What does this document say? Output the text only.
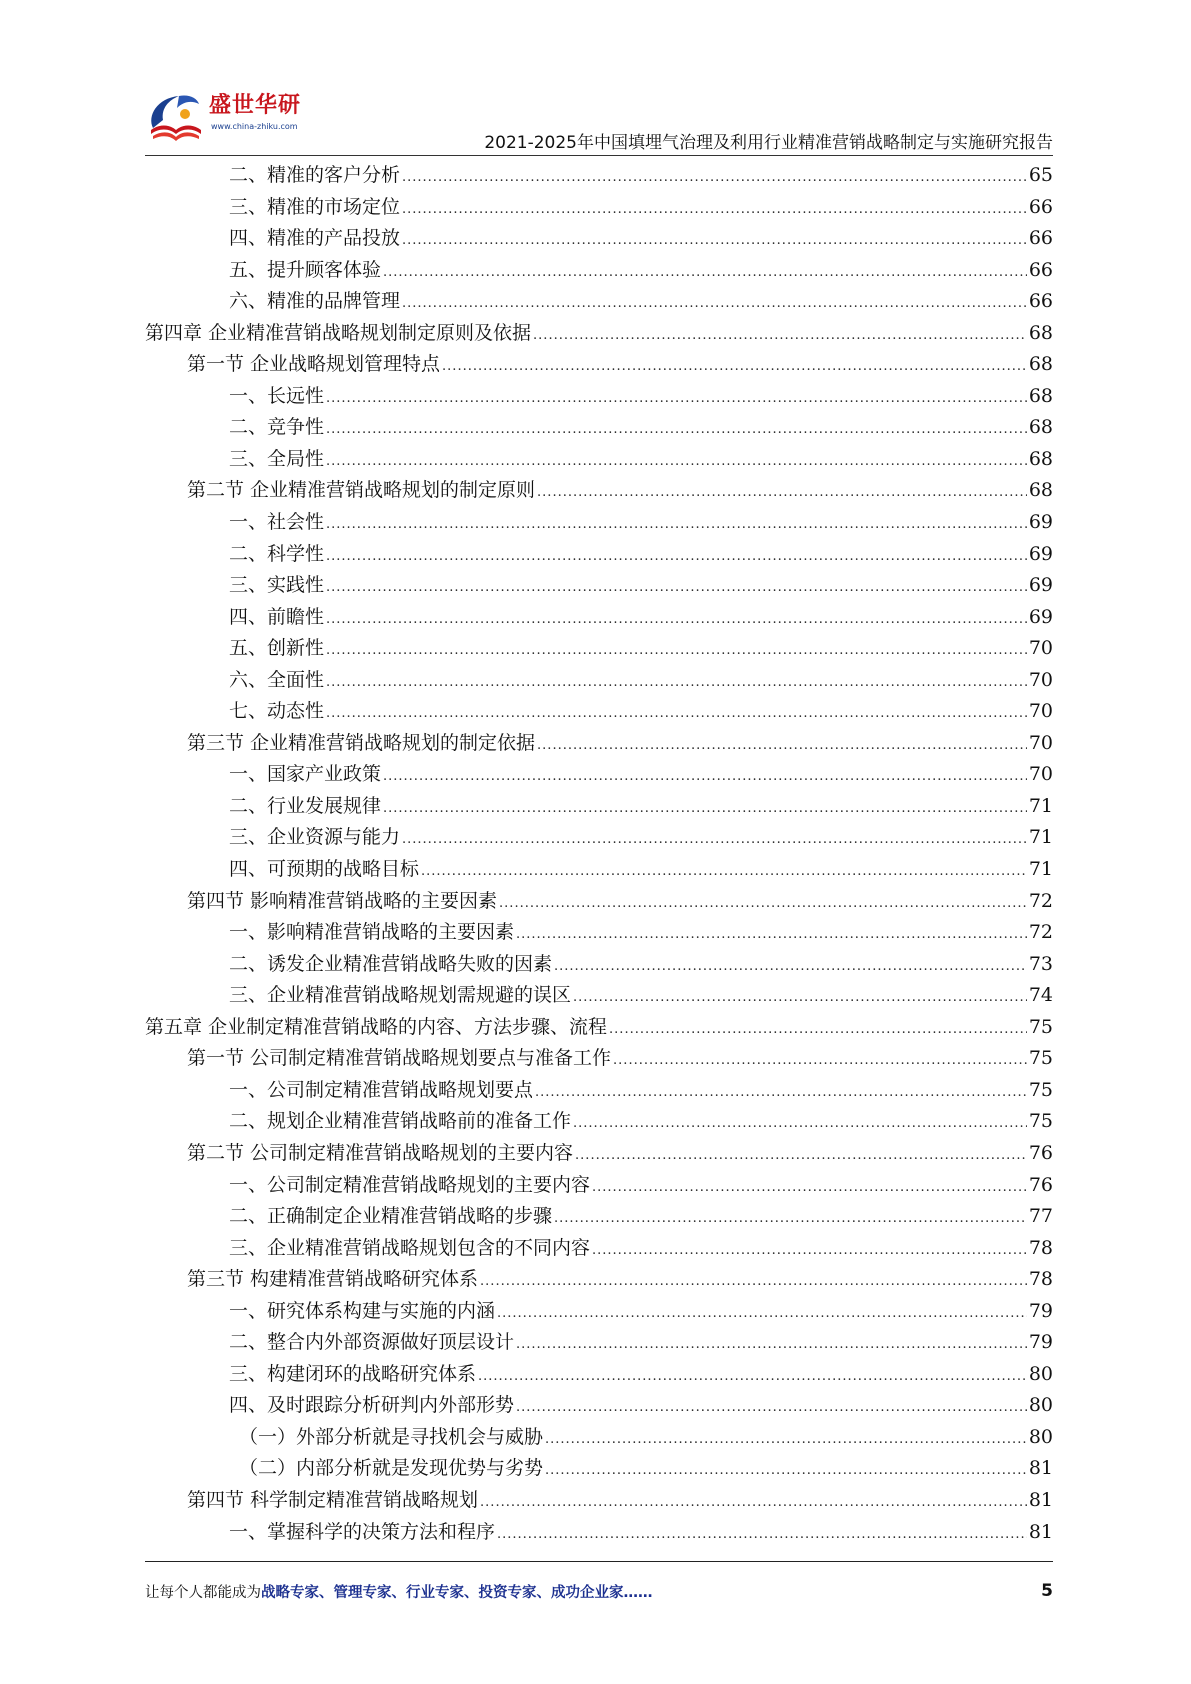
盛世华研
www.china-zhiku.com
2021-2025年中国填埋气治理及利用行业精准营销战略制定与实施研究报告
二、精准的客户分析 .....	65
三、精准的市场定位 .....	66
四、精准的产品投放 .....	66
五、提升顾客体验 .....	66
六、精准的品牌管理 .....	66
第四章 企业精准营销战略规划制定原则及依据 .....	68
第一节 企业战略规划管理特点 .....	68
一、长远性 .....	68
二、竞争性 .....	68
三、全局性 .....	68
第二节 企业精准营销战略规划的制定原则 .....	68
一、社会性 .....	69
二、科学性 .....	69
三、实践性 .....	69
四、前瞻性 .....	69
五、创新性 .....	70
六、全面性 .....	70
七、动态性 .....	70
第三节 企业精准营销战略规划的制定依据 .....	70
一、国家产业政策 .....	70
二、行业发展规律 .....	71
三、企业资源与能力 .....	71
四、可预期的战略目标 .....	71
第四节 影响精准营销战略的主要因素 .....	72
一、影响精准营销战略的主要因素 .....	72
二、诱发企业精准营销战略失败的因素 .....	73
三、企业精准营销战略规划需规避的误区 .....	74
第五章 企业制定精准营销战略的内容、方法步骤、流程 .....	75
第一节 公司制定精准营销战略规划要点与准备工作 .....	75
一、公司制定精准营销战略规划要点 .....	75
二、规划企业精准营销战略前的准备工作 .....	75
第二节 公司制定精准营销战略规划的主要内容 .....	76
一、公司制定精准营销战略规划的主要内容 .....	76
二、正确制定企业精准营销战略的步骤 .....	77
三、企业精准营销战略规划包含的不同内容 .....	78
第三节 构建精准营销战略研究体系 .....	78
一、研究体系构建与实施的内涵 .....	79
二、整合内外部资源做好顶层设计 .....	79
三、构建闭环的战略研究体系 .....	80
四、及时跟踪分析研判内外部形势 .....	80
（一）外部分析就是寻找机会与威胁 .....	80
（二）内部分析就是发现优势与劣势 .....	81
第四节 科学制定精准营销战略规划 .....	81
一、掌握科学的决策方法和程序 .....	81
让每个人都能成为战略专家、管理专家、行业专家、投资专家、成功企业家……	5
